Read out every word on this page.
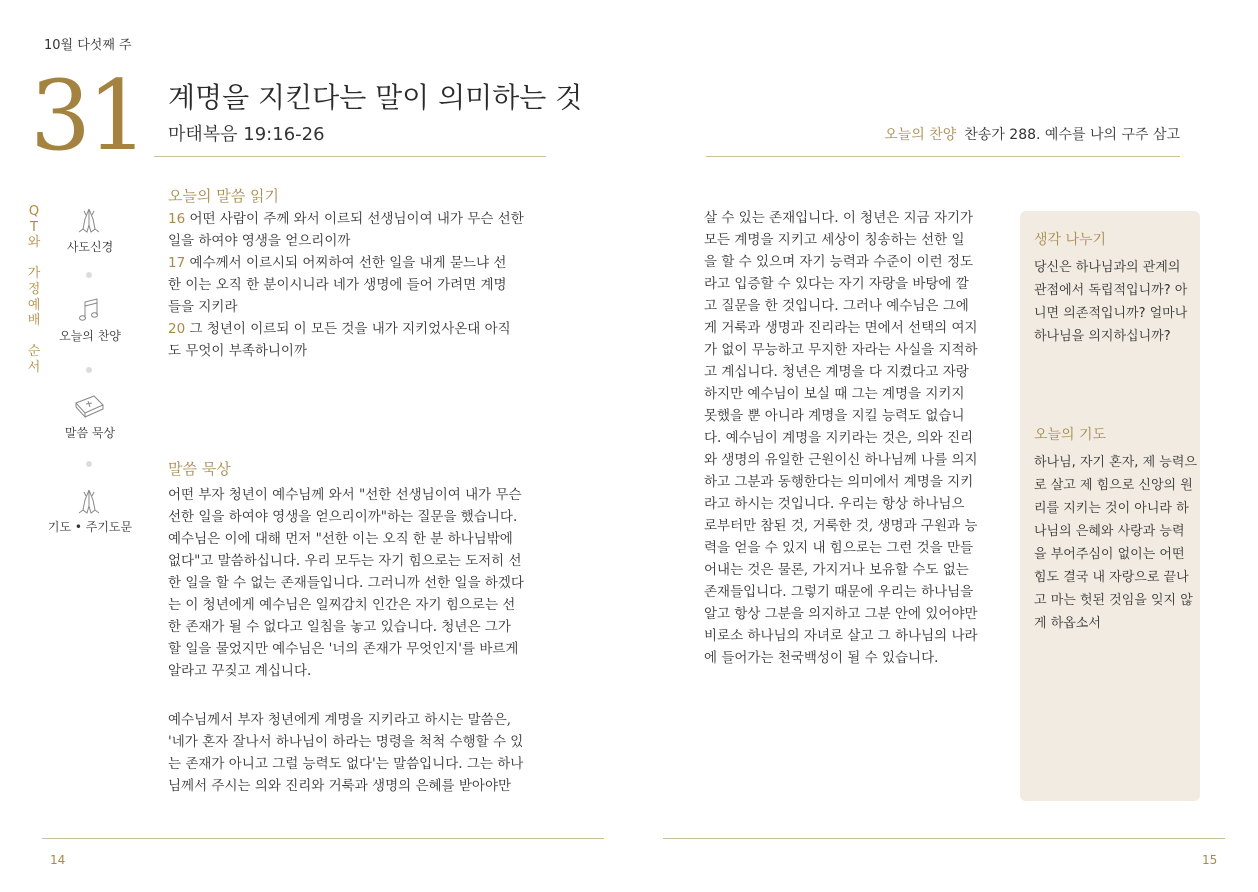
10월 다섯째 주
31 계명을 지킨다는 말이 의미하는 것
마태복음 19:16-26	오늘의 찬양 찬송가 288. 예수를 나의 구주 삼고
Q
T
와
가
정
예
배
순
서
사도신경
오늘의 찬양
말씀 묵상
기도 • 주기도문
오늘의 말씀 읽기
16 어떤 사람이 주께 와서 이르되 선생님이여 내가 무슨 선한
일을 하여야 영생을 얻으리이까
17 예수께서 이르시되 어찌하여 선한 일을 내게 묻느냐 선
한 이는 오직 한 분이시니라 네가 생명에 들어 가려면 계명
들을 지키라
20 그 청년이 이르되 이 모든 것을 내가 지키었사온대 아직
도 무엇이 부족하니이까
말씀 묵상
어떤 부자 청년이 예수님께 와서 "선한 선생님이여 내가 무슨
선한 일을 하여야 영생을 얻으리이까"하는 질문을 했습니다.
예수님은 이에 대해 먼저 "선한 이는 오직 한 분 하나님밖에
없다"고 말씀하십니다. 우리 모두는 자기 힘으로는 도저히 선
한 일을 할 수 없는 존재들입니다. 그러니까 선한 일을 하겠다
는 이 청년에게 예수님은 일찌감치 인간은 자기 힘으로는 선
한 존재가 될 수 없다고 일침을 놓고 있습니다. 청년은 그가
할 일을 물었지만 예수님은 '너의 존재가 무엇인지'를 바르게
알라고 꾸짖고 계십니다.
예수님께서 부자 청년에게 계명을 지키라고 하시는 말씀은,
'네가 혼자 잘나서 하나님이 하라는 명령을 척척 수행할 수 있
는 존재가 아니고 그럴 능력도 없다'는 말씀입니다. 그는 하나
님께서 주시는 의와 진리와 거룩과 생명의 은혜를 받아야만
살 수 있는 존재입니다. 이 청년은 지금 자기가
모든 계명을 지키고 세상이 칭송하는 선한 일
을 할 수 있으며 자기 능력과 수준이 이런 정도
라고 입증할 수 있다는 자기 자랑을 바탕에 깔
고 질문을 한 것입니다. 그러나 예수님은 그에
게 거룩과 생명과 진리라는 면에서 선택의 여지
가 없이 무능하고 무지한 자라는 사실을 지적하
고 계십니다. 청년은 계명을 다 지켰다고 자랑
하지만 예수님이 보실 때 그는 계명을 지키지
못했을 뿐 아니라 계명을 지킬 능력도 없습니
다. 예수님이 계명을 지키라는 것은, 의와 진리
와 생명의 유일한 근원이신 하나님께 나를 의지
하고 그분과 동행한다는 의미에서 계명을 지키
라고 하시는 것입니다. 우리는 항상 하나님으
로부터만 참된 것, 거룩한 것, 생명과 구원과 능
력을 얻을 수 있지 내 힘으로는 그런 것을 만들
어내는 것은 물론, 가지거나 보유할 수도 없는
존재들입니다. 그렇기 때문에 우리는 하나님을
알고 항상 그분을 의지하고 그분 안에 있어야만
비로소 하나님의 자녀로 살고 그 하나님의 나라
에 들어가는 천국백성이 될 수 있습니다.
생각 나누기
당신은 하나님과의 관계의
관점에서 독립적입니까? 아
니면 의존적입니까? 얼마나
하나님을 의지하십니까?
오늘의 기도
하나님, 자기 혼자, 제 능력으
로 살고 제 힘으로 신앙의 원
리를 지키는 것이 아니라 하
나님의 은혜와 사랑과 능력
을 부어주심이 없이는 어떤
힘도 결국 내 자랑으로 끝나
고 마는 헛된 것임을 잊지 않
게 하옵소서
14	15
